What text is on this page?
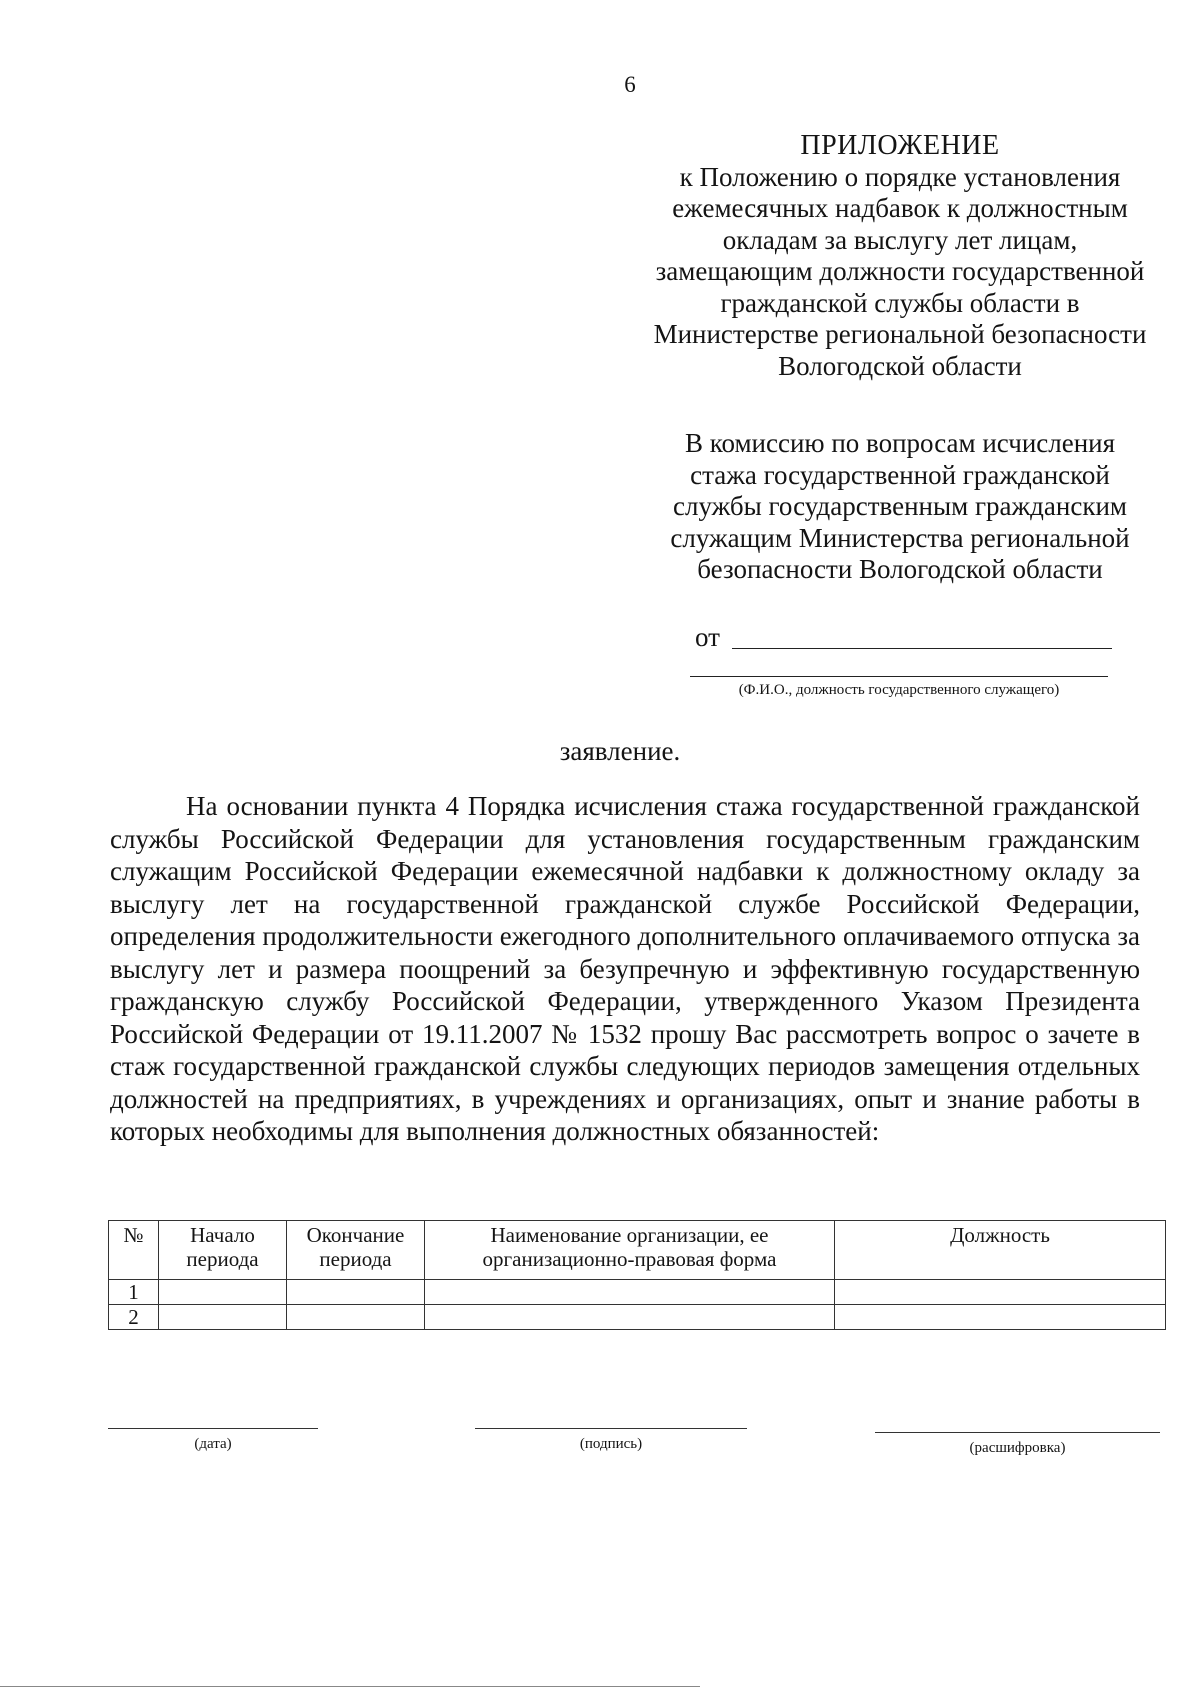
6
ПРИЛОЖЕНИЕ
к Положению о порядке установления
ежемесячных надбавок к должностным
окладам за выслугу лет лицам,
замещающим должности государственной
гражданской службы области в
Министерстве региональной безопасности
Вологодской области
В комиссию по вопросам исчисления
стажа государственной гражданской
службы государственным гражданским
служащим Министерства региональной
безопасности Вологодской области
от
(Ф.И.О., должность государственного служащего)
заявление.
На основании пункта 4 Порядка исчисления стажа государственной гражданской службы Российской Федерации для установления государственным гражданским служащим Российской Федерации ежемесячной надбавки к должностному окладу за выслугу лет на государственной гражданской службе Российской Федерации, определения продолжительности ежегодного дополнительного оплачиваемого отпуска за выслугу лет и размера поощрений за безупречную и эффективную государственную гражданскую службу Российской Федерации, утвержденного Указом Президента Российской Федерации от 19.11.2007 № 1532 прошу Вас рассмотреть вопрос о зачете в стаж государственной гражданской службы следующих периодов замещения отдельных должностей на предприятиях, в учреждениях и организациях, опыт и знание работы в которых необходимы для выполнения должностных обязанностей:
№	Начало периода	Окончание периода	Наименование организации, ее организационно-правовая форма	Должность
1				
2				
(дата)	(подпись)	(расшифровка)
